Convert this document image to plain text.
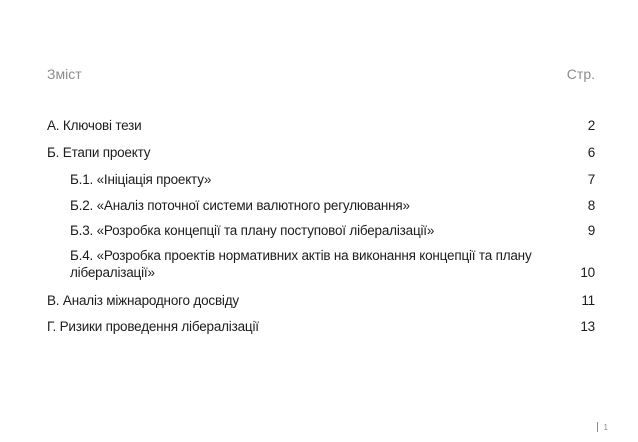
Зміст	Стр.
А. Ключові тези	2
Б. Етапи проекту	6
Б.1. «Ініціація проекту»	7
Б.2. «Аналіз поточної системи валютного регулювання»	8
Б.3. «Розробка концепції та плану поступової лібералізації»	9
Б.4. «Розробка проектів нормативних актів на виконання концепції та плану лібералізації»	10
В. Аналіз міжнародного досвіду	11
Г. Ризики проведення лібералізації	13
1
